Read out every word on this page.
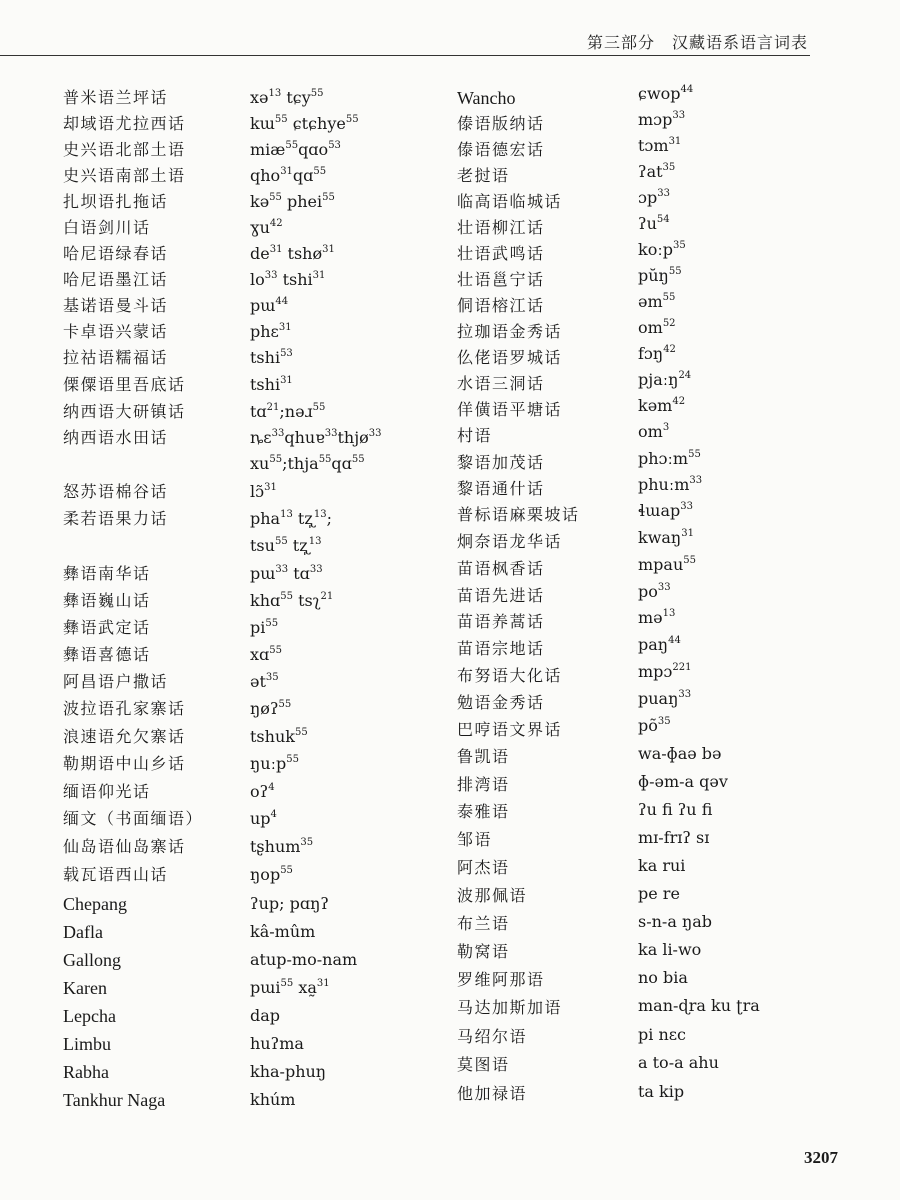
第三部分　汉藏语系语言词表
普米语兰坪话
却域语尤拉西话
史兴语北部土语
史兴语南部土语
扎坝语扎拖话
白语剑川话
哈尼语绿春话
哈尼语墨江话
基诺语曼斗话
卡卓语兴蒙话
拉祜语糯福话
傈僳语里吾底话
纳西语大研镇话
纳西语水田话
怒苏语棉谷话
柔若语果力话
彝语南华话
彝语巍山话
彝语武定话
彝语喜德话
阿昌语户撒话
波拉语孔家寨话
浪速语允欠寨话
勒期语中山乡话
缅语仰光话
缅文（书面缅语）
仙岛语仙岛寨话
载瓦语西山话
Chepang
Dafla
Gallong
Karen
Lepcha
Limbu
Rabha
Tankhur Naga
xə$^{13}$ tɕy$^{55}$
kɯ$^{55}$ ɕtɕhye$^{55}$
miæ$^{55}$qɑo$^{53}$
qho$^{31}$qɑ$^{55}$
kə$^{55}$ phei$^{55}$
ɣu$^{42}$
$de^{31}$ tshø$^{31}$
$lo^{33}$ tshi$^{31}$
pɯ$^{44}$
phɛ$^{31}$
tshi$^{53}$
tshi$^{31}$
tɑ$^{21}$;nəɹ$^{55}$
ȵɛ$^{33}$qhuɐ$^{33}$thjø$^{33}$
$xu^{55};thja^{55}qɑ^{55}$
lɔ̃$^{31}$
pha$^{13}$ tʐ̩$^{13}$;
tsu$^{55}$ tʐ̩$^{13}$
pɯ$^{33}$ tɑ$^{33}$
khɑ$^{55}$ tsʅ$^{21}$
$pi^{55}$
xɑ$^{55}$
ət$^{35}$
ŋøʔ$^{55}$
tshuk$^{55}$
ŋuːp$^{55}$
oʔ$^4$
$up^4$
tʂhum$^{35}$
ŋop$^{55}$
ʔup; pɑŋʔ
kâ-mûm
atup-mo-nam
pɯi$^{55}$ xa̰$^{31}$
dap
huʔma
kha-phuŋ
khúm
Wancho
傣语版纳话
傣语德宏话
老挝语
临高语临城话
壮语柳江话
壮语武鸣话
壮语邕宁话
侗语榕江话
拉珈语金秀话
仫佬语罗城话
水语三洞话
佯僙语平塘话
村语
黎语加茂话
黎语通什话
普标语麻栗坡话
炯奈语龙华话
苗语枫香话
苗语先进话
苗语养蒿话
苗语宗地话
布努语大化话
勉语金秀话
巴哼语文界话
鲁凯语
排湾语
泰雅语
邹语
阿杰语
波那佩语
布兰语
勒窝语
罗维阿那语
马达加斯加语
马绍尔语
莫图语
他加禄语
ɕwop$^{44}$
mɔp$^{33}$
tɔm$^{31}$
ʔat$^{35}$
ɔp$^{33}$
ʔu$^{54}$
koːp$^{35}$
pŭŋ$^{55}$
əm$^{55}$
$om^{52}$
fɔŋ$^{42}$
pjaːŋ$^{24}$
kəm$^{42}$
$om^3$
phɔːm$^{55}$
phuːm$^{33}$
ɬɯap$^{33}$
kwaŋ$^{31}$
mpau$^{55}$
$po^{33}$
mə$^{13}$
paŋ$^{44}$
mpɔ$^{221}$
puaŋ$^{33}$
$põ^{35}$
wa-ɸaə bə
ɸ-əm-a qəv
ʔu fi ʔu fi
mɪ-frɪʔ sɪ
ka rui
pe re
s-n-a ŋab
ka li-wo
no bia
man-ɖra ku ʈra
pi nɛc
a to-a ahu
ta kip
3207
